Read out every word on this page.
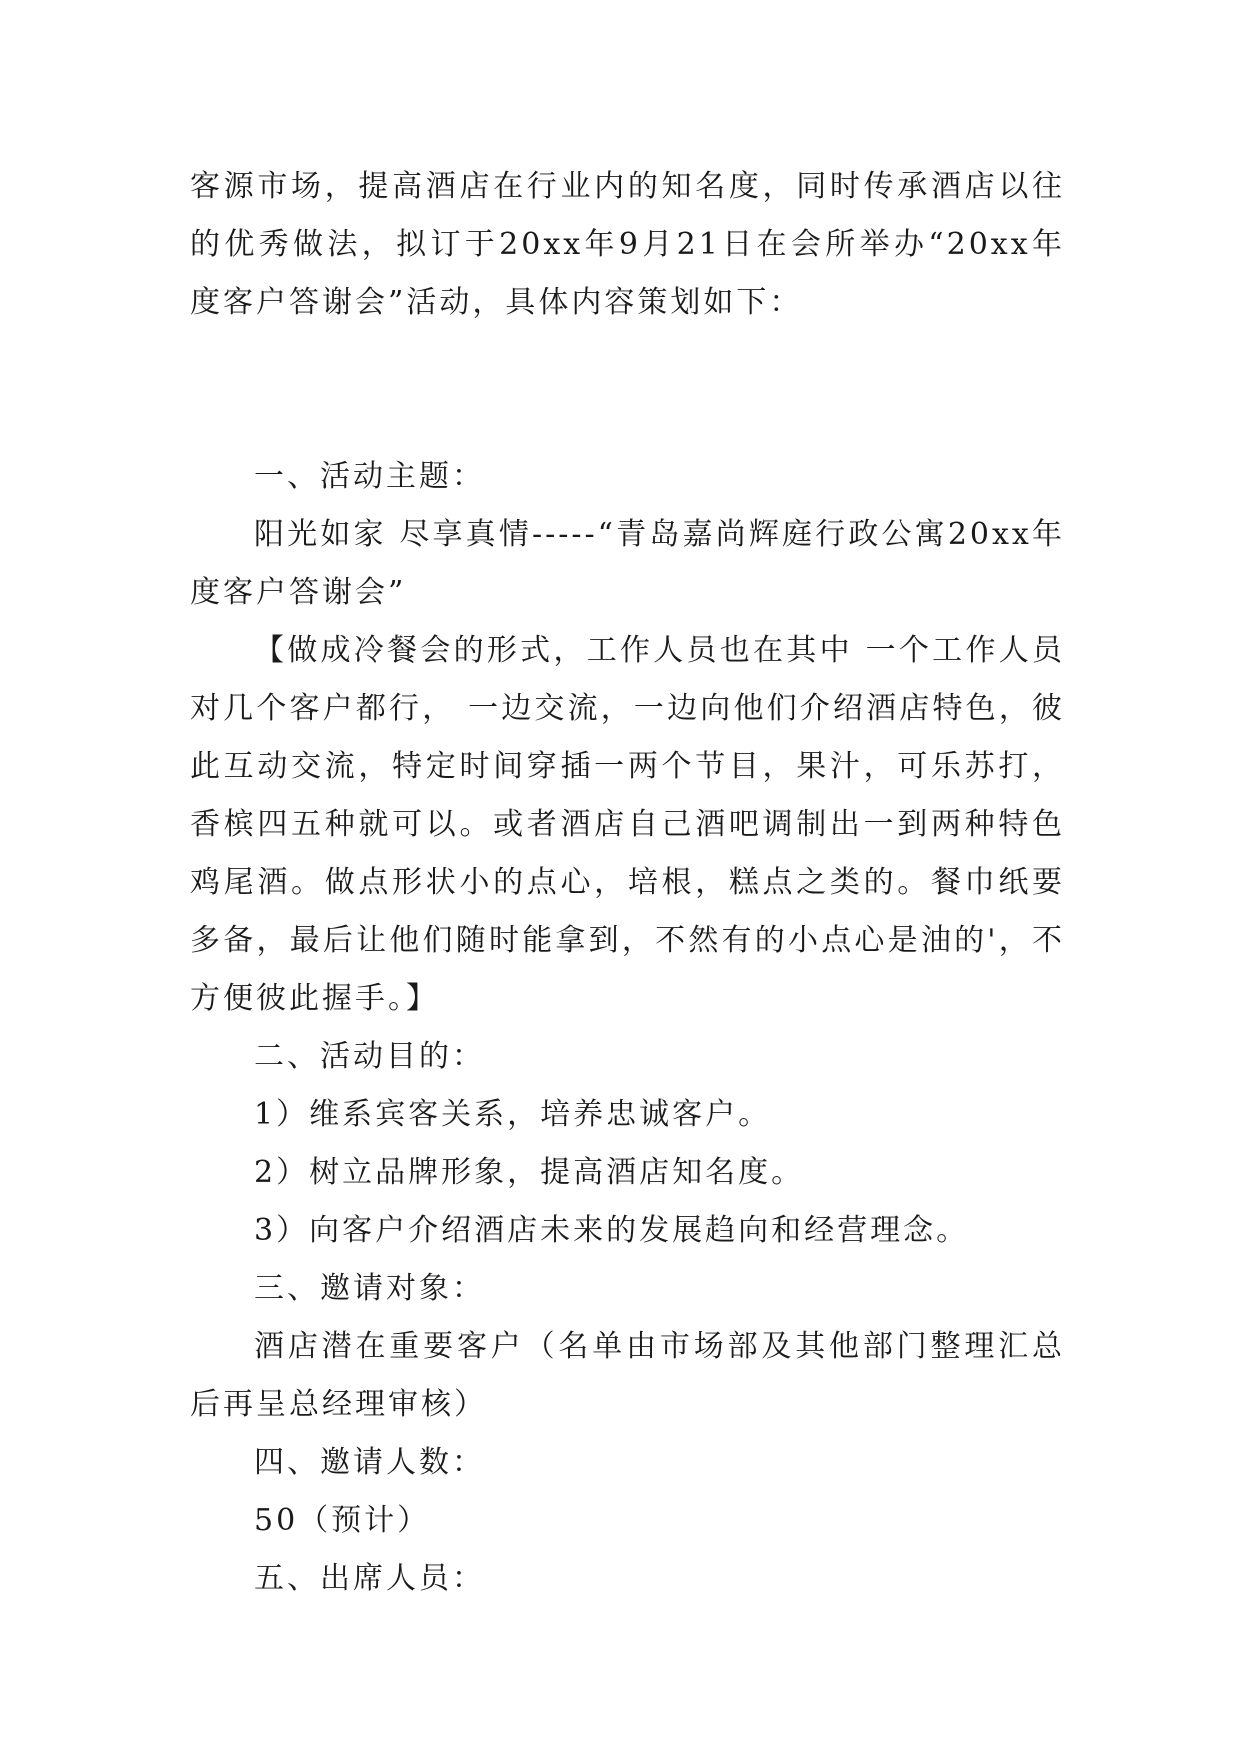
客源市场，提高酒店在行业内的知名度，同时传承酒店以往的优秀做法，拟订于20xx年9月21日在会所举办“20xx年度客户答谢会”活动，具体内容策划如下：

一、活动主题：

阳光如家 尽享真情-----“青岛嘉尚辉庭行政公寓20xx年度客户答谢会”

【做成冷餐会的形式，工作人员也在其中 一个工作人员对几个客户都行， 一边交流，一边向他们介绍酒店特色，彼此互动交流，特定时间穿插一两个节目，果汁，可乐苏打，香槟四五种就可以。或者酒店自己酒吧调制出一到两种特色鸡尾酒。做点形状小的点心，培根，糕点之类的。餐巾纸要多备，最后让他们随时能拿到，不然有的小点心是油的'，不方便彼此握手。】

二、活动目的：

1）维系宾客关系，培养忠诚客户。

2）树立品牌形象，提高酒店知名度。

3）向客户介绍酒店未来的发展趋向和经营理念。

三、邀请对象：

酒店潜在重要客户（名单由市场部及其他部门整理汇总后再呈总经理审核）

四、邀请人数：

50（预计）

五、出席人员：
